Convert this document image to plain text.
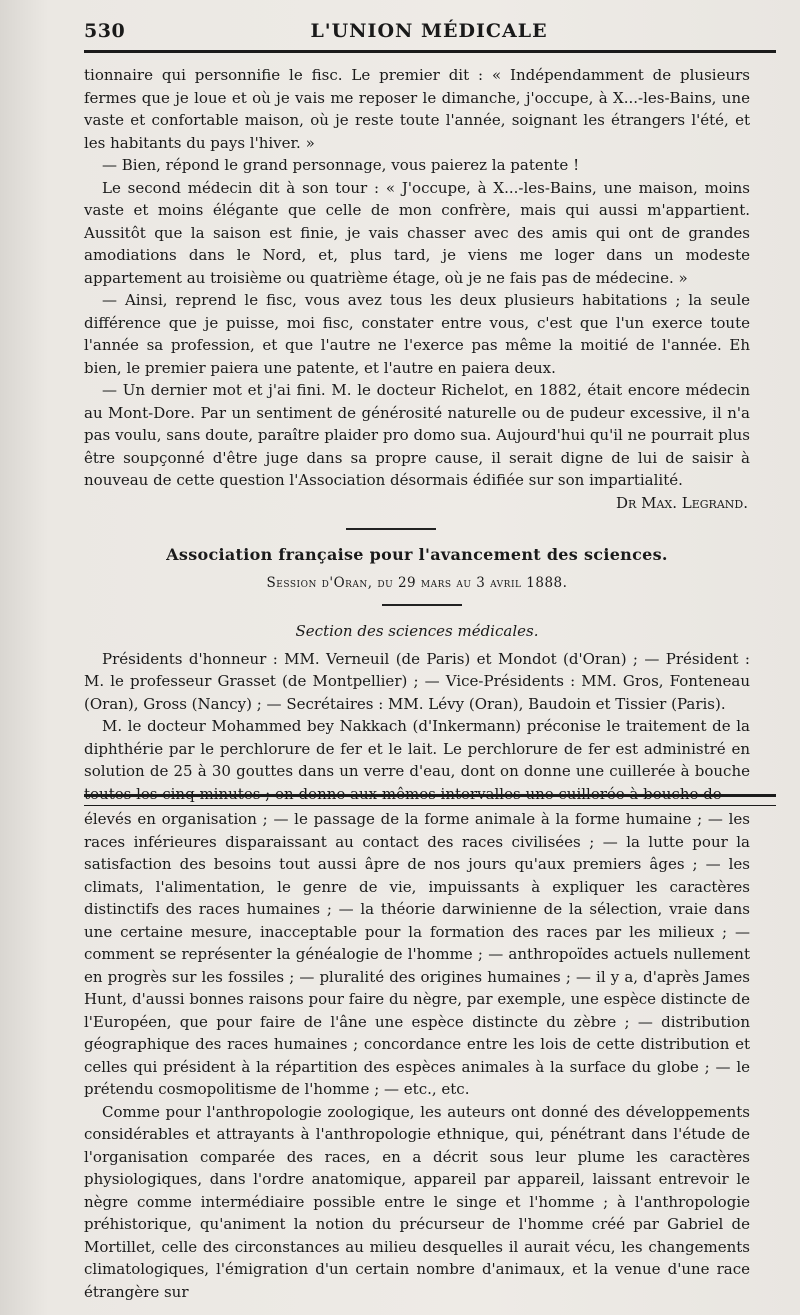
530	L'UNION MÉDICALE

tionnaire qui personnifie le fisc. Le premier dit : « Indépendamment de plusieurs fermes que je loue et où je vais me reposer le dimanche, j'occupe, à X...-les-Bains, une vaste et confortable maison, où je reste toute l'année, soignant les étrangers l'été, et les habitants du pays l'hiver. »

— Bien, répond le grand personnage, vous paierez la patente !

Le second médecin dit à son tour : « J'occupe, à X...-les-Bains, une maison, moins vaste et moins élégante que celle de mon confrère, mais qui aussi m'appartient. Aussitôt que la saison est finie, je vais chasser avec des amis qui ont de grandes amodiations dans le Nord, et, plus tard, je viens me loger dans un modeste appartement au troisième ou quatrième étage, où je ne fais pas de médecine. »

— Ainsi, reprend le fisc, vous avez tous les deux plusieurs habitations ; la seule différence que je puisse, moi fisc, constater entre vous, c'est que l'un exerce toute l'année sa profession, et que l'autre ne l'exerce pas même la moitié de l'année. Eh bien, le premier paiera une patente, et l'autre en paiera deux.

— Un dernier mot et j'ai fini. M. le docteur Richelot, en 1882, était encore médecin au Mont-Dore. Par un sentiment de générosité naturelle ou de pudeur excessive, il n'a pas voulu, sans doute, paraître plaider pro domo sua. Aujourd'hui qu'il ne pourrait plus être soupçonné d'être juge dans sa propre cause, il serait digne de lui de saisir à nouveau de cette question l'Association désormais édifiée sur son impartialité.

Dr Max. Legrand.
Association française pour l'avancement des sciences.
Session d'Oran, du 29 mars au 3 avril 1888.
Section des sciences médicales.

Présidents d'honneur : MM. Verneuil (de Paris) et Mondot (d'Oran) ; — Président : M. le professeur Grasset (de Montpellier) ; — Vice-Présidents : MM. Gros, Fonteneau (Oran), Gross (Nancy) ; — Secrétaires : MM. Lévy (Oran), Baudoin et Tissier (Paris).

M. le docteur Mohammed bey Nakkach (d'Inkermann) préconise le traitement de la diphthérie par le perchlorure de fer et le lait. Le perchlorure de fer est administré en solution de 25 à 30 gouttes dans un verre d'eau, dont on donne une cuillerée à bouche toutes les cinq minutes ; on donne aux mêmes intervalles une cuillerée à bouche de

élevés en organisation ; — le passage de la forme animale à la forme humaine ; — les races inférieures disparaissant au contact des races civilisées ; — la lutte pour la satisfaction des besoins tout aussi âpre de nos jours qu'aux premiers âges ; — les climats, l'alimentation, le genre de vie, impuissants à expliquer les caractères distinctifs des races humaines ; — la théorie darwinienne de la sélection, vraie dans une certaine mesure, inacceptable pour la formation des races par les milieux ; — comment se représenter la généalogie de l'homme ; — anthropoïdes actuels nullement en progrès sur les fossiles ; — pluralité des origines humaines ; — il y a, d'après James Hunt, d'aussi bonnes raisons pour faire du nègre, par exemple, une espèce distincte de l'Européen, que pour faire de l'âne une espèce distincte du zèbre ; — distribution géographique des races humaines ; concordance entre les lois de cette distribution et celles qui président à la répartition des espèces animales à la surface du globe ; — le prétendu cosmopolitisme de l'homme ; — etc., etc.

Comme pour l'anthropologie zoologique, les auteurs ont donné des développements considérables et attrayants à l'anthropologie ethnique, qui, pénétrant dans l'étude de l'organisation comparée des races, en a décrit sous leur plume les caractères physiologiques, dans l'ordre anatomique, appareil par appareil, laissant entrevoir le nègre comme intermédiaire possible entre le singe et l'homme ; à l'anthropologie préhistorique, qu'animent la notion du précurseur de l'homme créé par Gabriel de Mortillet, celle des circonstances au milieu desquelles il aurait vécu, les changements climatologiques, l'émigration d'un certain nombre d'animaux, et la venue d'une race étrangère sur
